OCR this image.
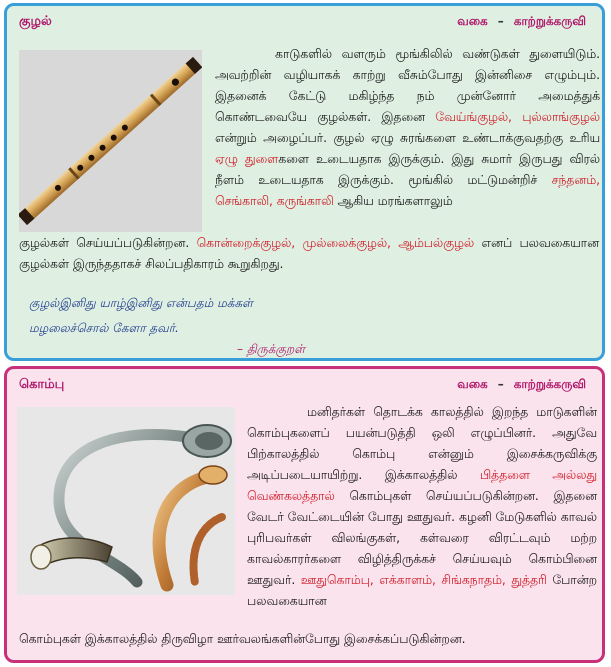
குழல்	வகை – காற்றுக்கருவி
காடுகளில் வளரும் மூங்கிலில் வண்டுகள் துளையிடும். அவற்றின் வழியாகக் காற்று வீசும்போது இன்னிசை எழும்பும். இதனைக் கேட்டு மகிழ்ந்த நம் முன்னோர் அமைத்துக் கொண்டவையே குழல்கள். இதனை வேய்ங்குழல், புல்லாங்குழல் என்றும் அழைப்பர். குழல் ஏழு சுரங்களை உண்டாக்குவதற்கு உரிய ஏழு துளைகளை உடையதாக இருக்கும். இது சுமார் இருபது விரல் நீளம் உடையதாக இருக்கும். மூங்கில் மட்டுமன்றிச் சந்தனம், செங்காலி, கருங்காலி ஆகிய மரங்களாலும்
குழல்கள் செய்யப்படுகின்றன. கொன்றைக்குழல், முல்லைக்குழல், ஆம்பல்குழல் எனப் பலவகையான குழல்கள் இருந்ததாகச் சிலப்பதிகாரம் கூறுகிறது.
குழல்இனிது யாழ்இனிது என்பதம் மக்கள்
மழலைச்சொல் கேளா தவர்.
– திருக்குறள்
கொம்பு	வகை – காற்றுக்கருவி
மனிதர்கள் தொடக்க காலத்தில் இறந்த மாடுகளின் கொம்புகளைப் பயன்படுத்தி ஒலி எழுப்பினர். அதுவே பிற்காலத்தில் கொம்பு என்னும் இசைக்கருவிக்கு அடிப்படையாயிற்று. இக்காலத்தில் பித்தளை அல்லது வெண்கலத்தால் கொம்புகள் செய்யப்படுகின்றன. இதனை வேடர் வேட்டையின் போது ஊதுவர். கழனி மேடுகளில் காவல் புரிபவர்கள் விலங்குகள், கள்வரை விரட்டவும் மற்ற காவல்காரர்களை விழித்திருக்கச் செய்யவும் கொம்பினை ஊதுவர். ஊதுகொம்பு, எக்காளம், சிங்கநாதம், துத்தரி போன்ற பலவகையான
கொம்புகள் இக்காலத்தில் திருவிழா ஊர்வலங்களின்போது இசைக்கப்படுகின்றன.
